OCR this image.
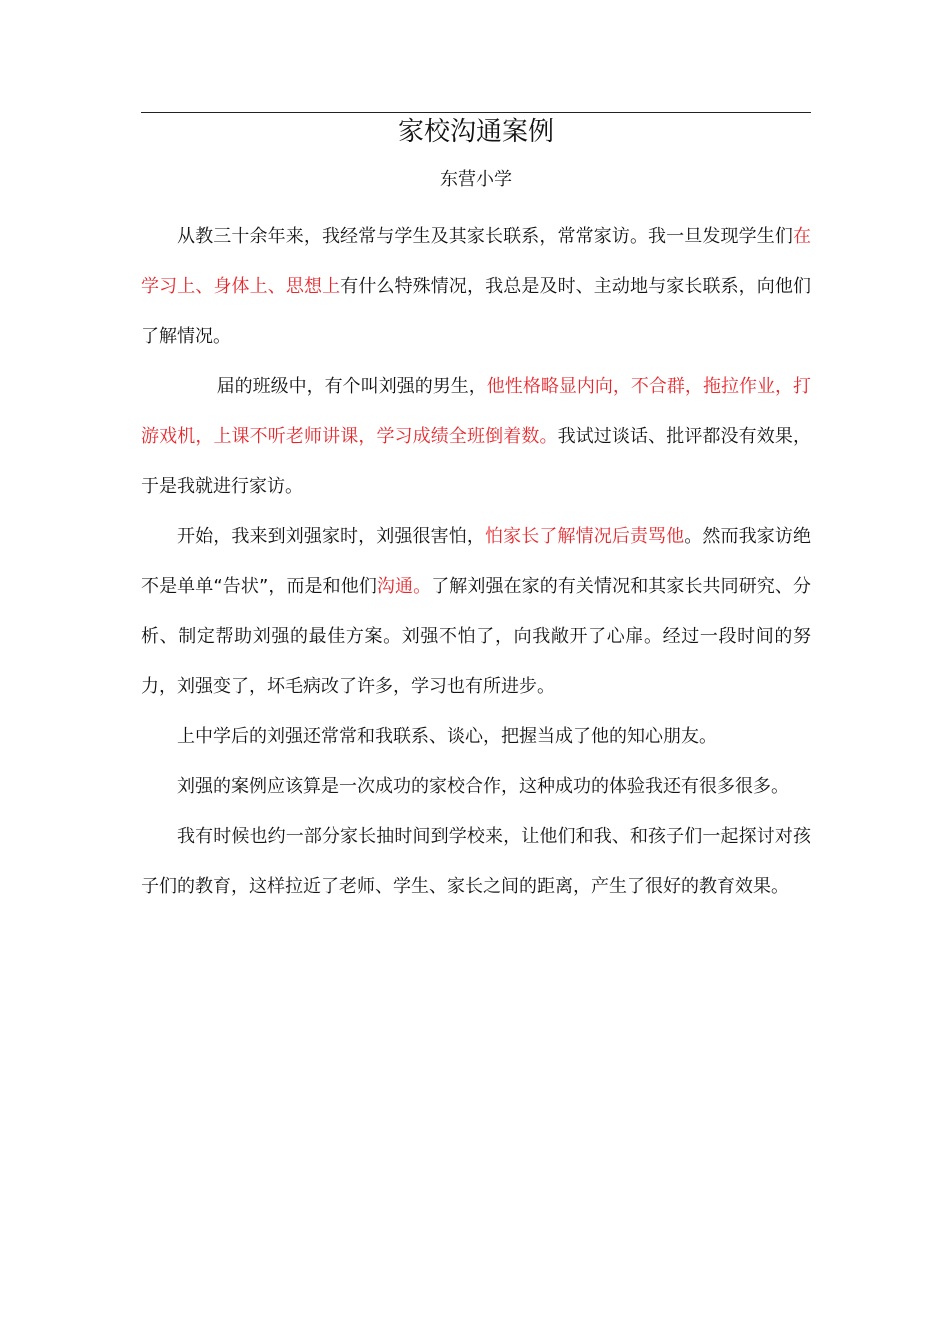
家校沟通案例
东营小学

从教三十余年来，我经常与学生及其家长联系，常常家访。我一旦发现学生们在学习上、身体上、思想上有什么特殊情况，我总是及时、主动地与家长联系，向他们了解情况。

届的班级中，有个叫刘强的男生，他性格略显内向，不合群，拖拉作业，打游戏机，上课不听老师讲课，学习成绩全班倒着数。我试过谈话、批评都没有效果，于是我就进行家访。

开始，我来到刘强家时，刘强很害怕，怕家长了解情况后责骂他。然而我家访绝不是单单“告状”，而是和他们沟通。了解刘强在家的有关情况和其家长共同研究、分析、制定帮助刘强的最佳方案。刘强不怕了，向我敞开了心扉。经过一段时间的努力，刘强变了，坏毛病改了许多，学习也有所进步。

上中学后的刘强还常常和我联系、谈心，把握当成了他的知心朋友。

刘强的案例应该算是一次成功的家校合作，这种成功的体验我还有很多很多。

我有时候也约一部分家长抽时间到学校来，让他们和我、和孩子们一起探讨对孩子们的教育，这样拉近了老师、学生、家长之间的距离，产生了很好的教育效果。
